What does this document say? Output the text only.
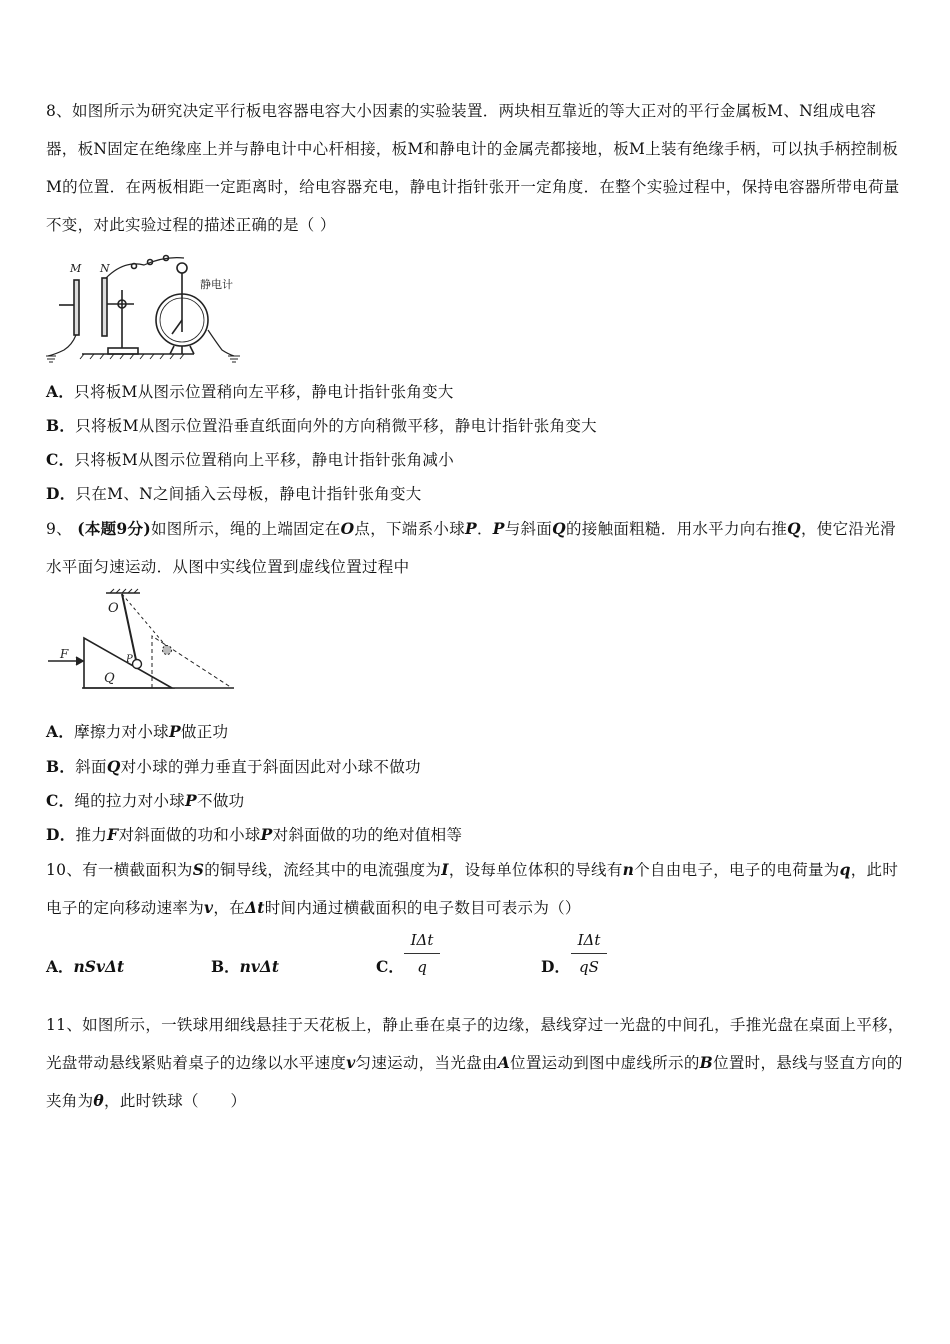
8、如图所示为研究决定平行板电容器电容大小因素的实验装置．两块相互靠近的等大正对的平行金属板M、N组成电容器，板N固定在绝缘座上并与静电计中心杆相接，板M和静电计的金属壳都接地，板M上装有绝缘手柄，可以执手柄控制板M的位置．在两板相距一定距离时，给电容器充电，静电计指针张开一定角度．在整个实验过程中，保持电容器所带电荷量不变，对此实验过程的描述正确的是（ ）
M N
静电计
A．只将板M从图示位置稍向左平移，静电计指针张角变大
B．只将板M从图示位置沿垂直纸面向外的方向稍微平移，静电计指针张角变大
C．只将板M从图示位置稍向上平移，静电计指针张角减小
D．只在M、N之间插入云母板，静电计指针张角变大
9、 (本题9分)如图所示，绳的上端固定在O点，下端系小球P．P与斜面Q的接触面粗糙．用水平力向右推Q，使它沿光滑水平面匀速运动．从图中实线位置到虚线位置过程中
O
F	P
Q
A．摩擦力对小球P做正功
B．斜面Q对小球的弹力垂直于斜面因此对小球不做功
C．绳的拉力对小球P不做功
D．推力F对斜面做的功和小球P对斜面做的功的绝对值相等
10、有一横截面积为S的铜导线，流经其中的电流强度为I，设每单位体积的导线有n个自由电子，电子的电荷量为q，此时电子的定向移动速率为v，在Δt时间内通过横截面积的电子数目可表示为（）
A．nSvΔt	B．nvΔt	C．
IΔt
q	D．
IΔt
qS
11、如图所示，一铁球用细线悬挂于天花板上，静止垂在桌子的边缘，悬线穿过一光盘的中间孔，手推光盘在桌面上平移，光盘带动悬线紧贴着桌子的边缘以水平速度v匀速运动，当光盘由A位置运动到图中虚线所示的B位置时，悬线与竖直方向的夹角为θ，此时铁球（　　）
